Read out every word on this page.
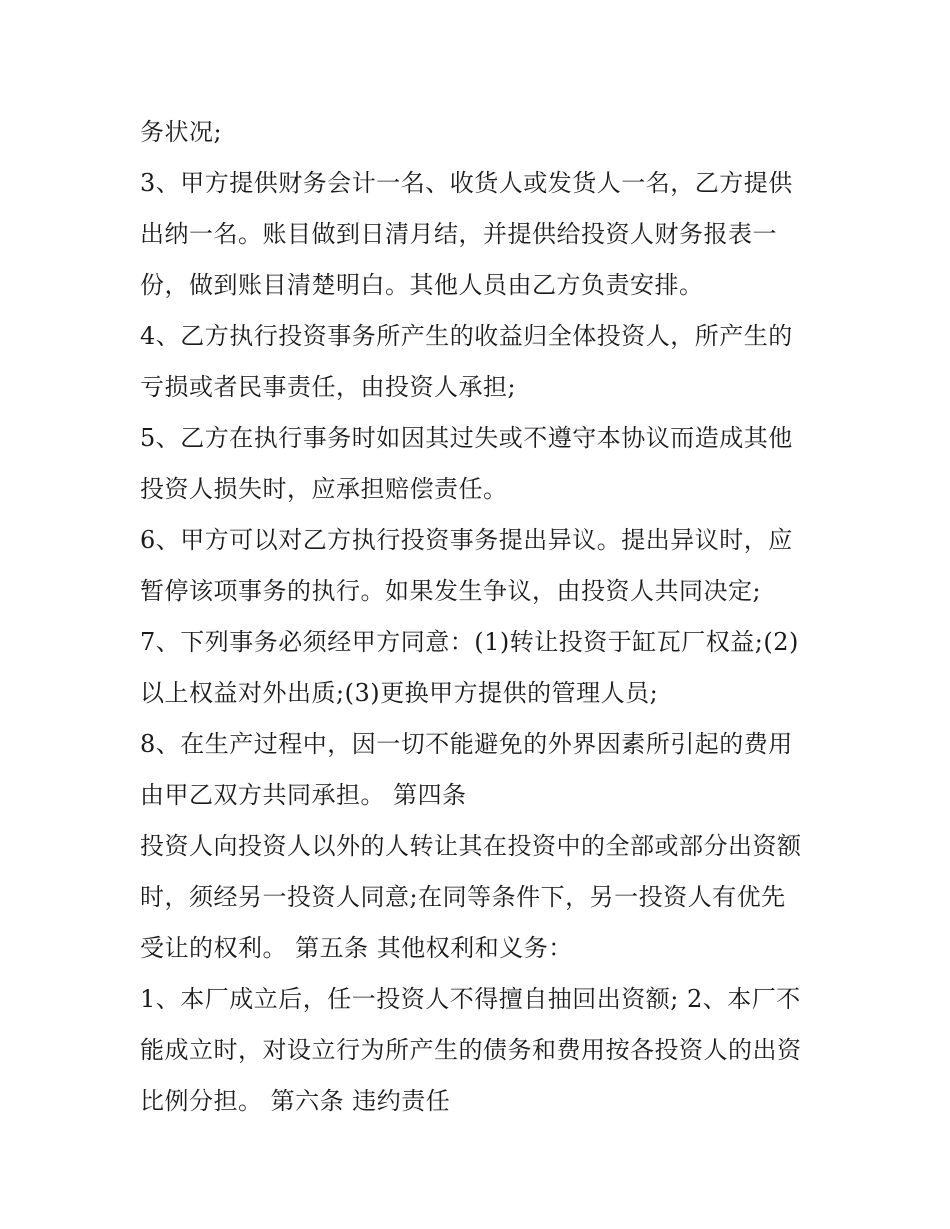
务状况;
3、甲方提供财务会计一名、收货人或发货人一名，乙方提供
出纳一名。账目做到日清月结，并提供给投资人财务报表一
份，做到账目清楚明白。其他人员由乙方负责安排。
4、乙方执行投资事务所产生的收益归全体投资人，所产生的
亏损或者民事责任，由投资人承担;
5、乙方在执行事务时如因其过失或不遵守本协议而造成其他
投资人损失时，应承担赔偿责任。
6、甲方可以对乙方执行投资事务提出异议。提出异议时，应
暂停该项事务的执行。如果发生争议，由投资人共同决定;
7、下列事务必须经甲方同意：(1)转让投资于缸瓦厂权益;(2)
以上权益对外出质;(3)更换甲方提供的管理人员;
8、在生产过程中，因一切不能避免的外界因素所引起的费用
由甲乙双方共同承担。 第四条
投资人向投资人以外的人转让其在投资中的全部或部分出资额
时，须经另一投资人同意;在同等条件下，另一投资人有优先
受让的权利。 第五条 其他权利和义务：
1、本厂成立后，任一投资人不得擅自抽回出资额; 2、本厂不
能成立时，对设立行为所产生的债务和费用按各投资人的出资
比例分担。 第六条 违约责任
